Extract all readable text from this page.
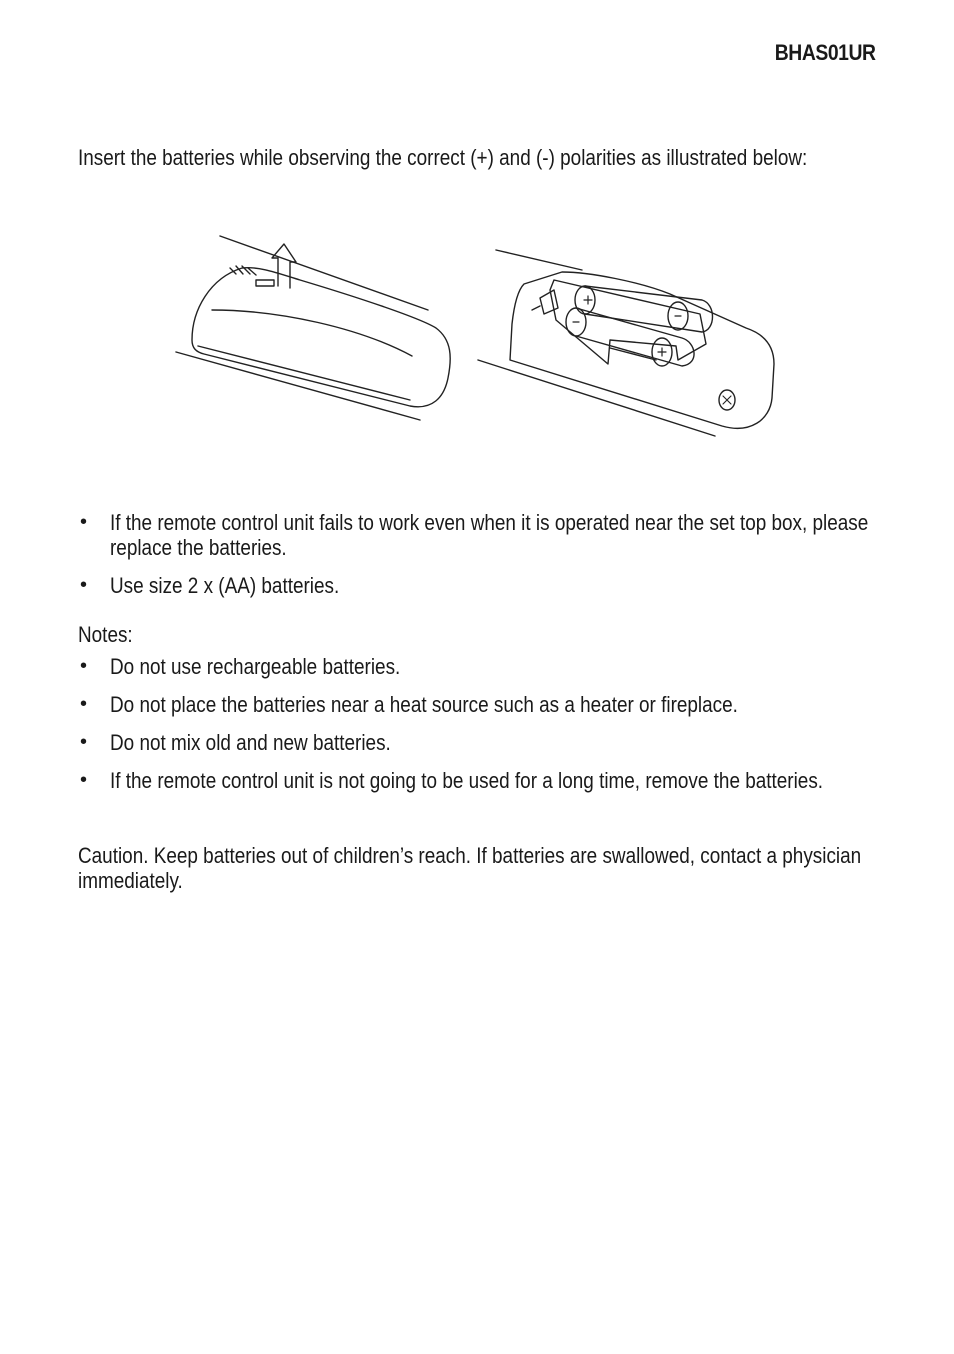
BHAS01UR
Insert the batteries while observing the correct (+) and (-) polarities as illustrated below:
• If the remote control unit fails to work even when it is operated near the set top box, please replace the batteries.
• Use size 2 x (AA) batteries.
Notes:
• Do not use rechargeable batteries.
• Do not place the batteries near a heat source such as a heater or fireplace.
• Do not mix old and new batteries.
• If the remote control unit is not going to be used for a long time, remove the batteries.
Caution. Keep batteries out of children’s reach. If batteries are swallowed, contact a physician immediately.
